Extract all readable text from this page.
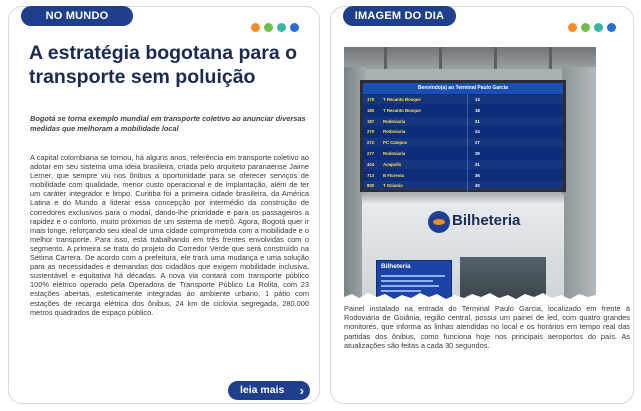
NO MUNDO
A estratégia bogotana para o transporte sem poluição

Bogotá se torna exemplo mundial em transporte coletivo ao anunciar diversas medidas que melhoram a mobilidade local

A capital colombiana se tornou, há alguns anos, referência em transporte coletivo ao adotar em seu sistema uma ideia brasileira, criada pelo arquiteto paranaense Jaime Lerner, que sempre viu nos ônibus a oportunidade para se oferecer serviços de mobilidade com qualidade, menor custo operacional e de implantação, além de ter um caráter integrador e limpo. Curitiba foi a primeira cidade brasileira, da América Latina e do Mundo a liderar essa concepção por intermédio da construção de corredores exclusivos para o modal, dando-lhe prioridade e para os passageiros a rapidez e o conforto, muito próximos de um sistema de metrô. Agora, Bogotá quer ir mais longe, reforçando seu ideal de uma cidade comprometida com a mobilidade e o melhor transporte. Para isso, está trabalhando em três frentes envolvidas com o segmento. A primeira se trata do projeto do Corredor Verde que será construído na Sétima Carrera. De acordo com a prefeitura, ele trará uma mudança e uma solução para as necessidades e demandas dos cidadãos que exigem mobilidade inclusiva, sustentável e equitativa há décadas. A nova via contará com transporte público 100% elétrico operado pela Operadora de Transporte Público La Rolita, com 23 estações abertas, esteticamente integradas ao ambiente urbano, 1 pátio com estações de recarga elétrica dos ônibus, 24 km de ciclovia segregada, 280.000 metros quadrados de espaço público.

leia mais ›
IMAGEM DO DIA
Benvindo(a) ao Terminal Paulo Garcia
170 T Recanto Bosque	13
180 T Recanto Bosque	18
187 Rodoviaria	21
270 Rodoviaria	24
272 PC Campus	27
277 Rodoviaria	29
404 Anapolis	31
713 B Floresta	36
800 T Goiania	40
Bilheteria
Bilheteria

Painel instalado na entrada do Terminal Paulo Garcia, localizado em frente à Rodoviária de Goiânia, região central, possui um painel de led, com quatro grandes monitores, que informa as linhas atendidas no local e os horários em tempo real das partidas dos ônibus, como funciona hoje nos principais aeroportos do país. As atualizações são feitas a cada 30 segundos.
